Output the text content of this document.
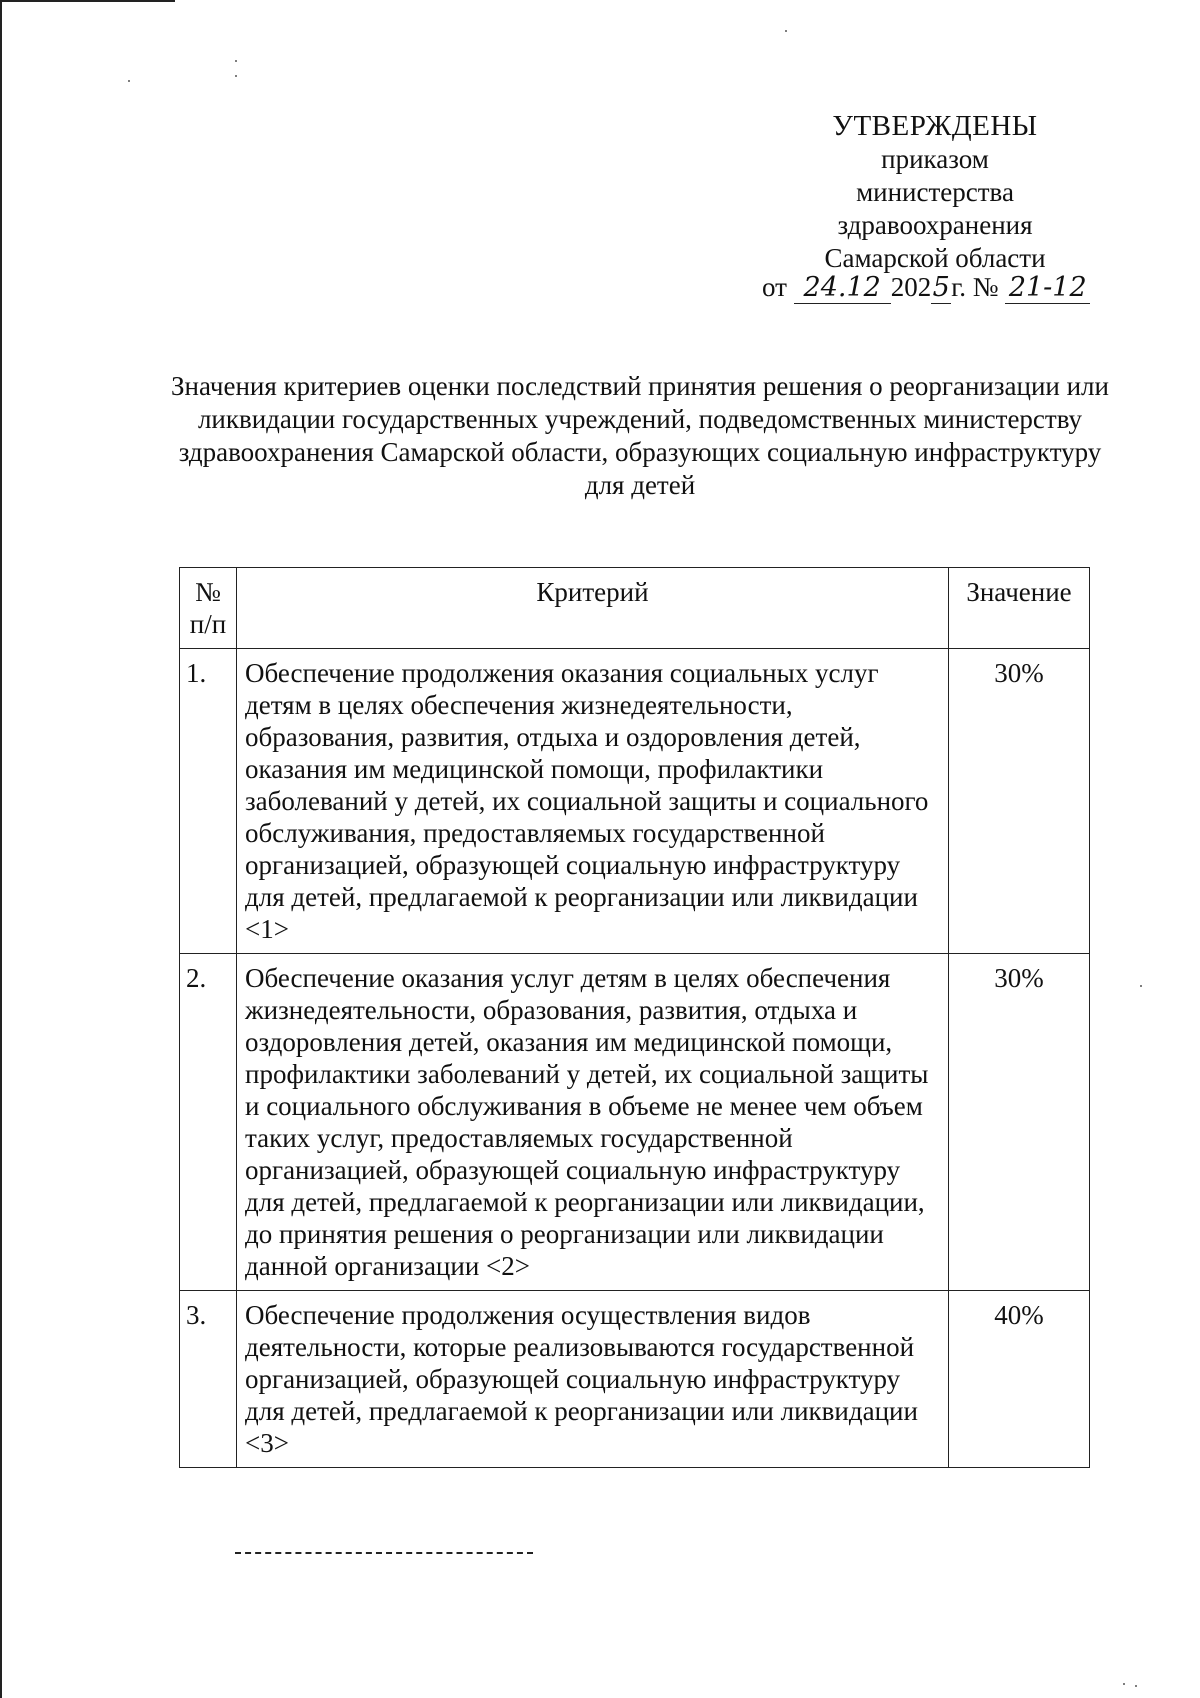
УТВЕРЖДЕНЫ
приказом
министерства
здравоохранения
Самарской области
от 24.12 2025г. № 21-12
Значения критериев оценки последствий принятия решения о реорганизации или ликвидации государственных учреждений, подведомственных министерству здравоохранения Самарской области, образующих социальную инфраструктуру для детей
№ п/п	Критерий	Значение
1.	Обеспечение продолжения оказания социальных услуг детям в целях обеспечения жизнедеятельности, образования, развития, отдыха и оздоровления детей, оказания им медицинской помощи, профилактики заболеваний у детей, их социальной защиты и социального обслуживания, предоставляемых государственной организацией, образующей социальную инфраструктуру для детей, предлагаемой к реорганизации или ликвидации <1>	30%
2.	Обеспечение оказания услуг детям в целях обеспечения жизнедеятельности, образования, развития, отдыха и оздоровления детей, оказания им медицинской помощи, профилактики заболеваний у детей, их социальной защиты и социального обслуживания в объеме не менее чем объем таких услуг, предоставляемых государственной организацией, образующей социальную инфраструктуру для детей, предлагаемой к реорганизации или ликвидации, до принятия решения о реорганизации или ликвидации данной организации <2>	30%
3.	Обеспечение продолжения осуществления видов деятельности, которые реализовываются государственной организацией, образующей социальную инфраструктуру для детей, предлагаемой к реорганизации или ликвидации <3>	40%
